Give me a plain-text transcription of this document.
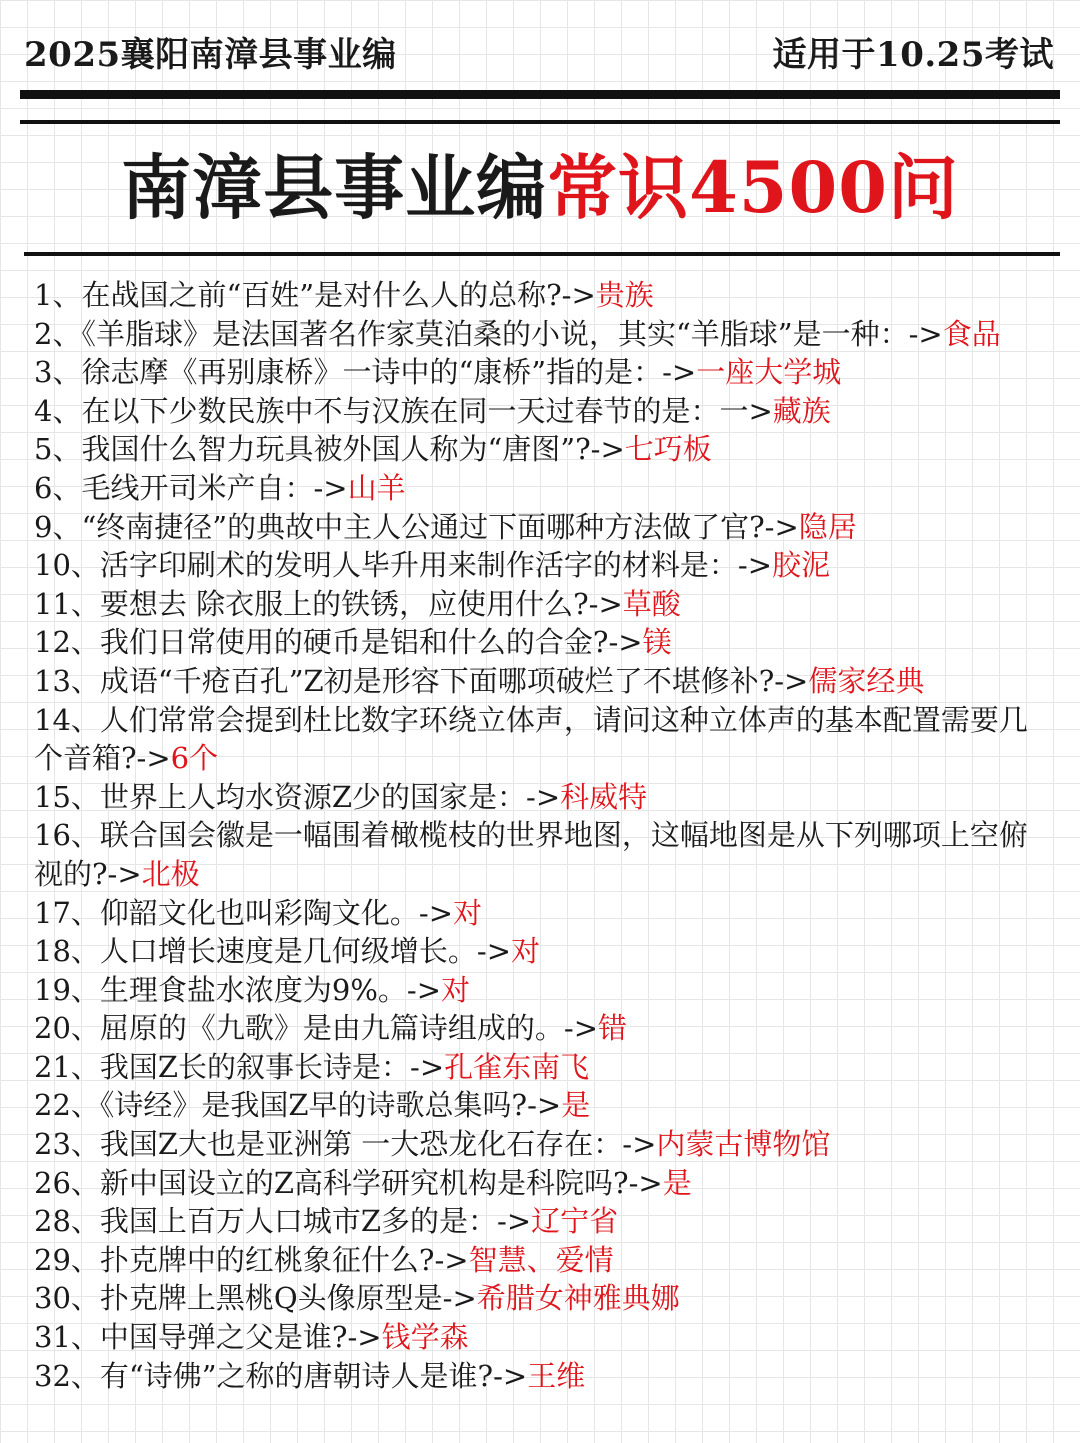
2025襄阳南漳县事业编	适用于10.25考试
南漳县事业编常识4500问

1、在战国之前“百姓”是对什么人的总称?->贵族

2、《羊脂球》是法国著名作家莫泊桑的小说，其实“羊脂球”是一种：->食品

3、徐志摩《再别康桥》一诗中的“康桥”指的是：->一座大学城

4、在以下少数民族中不与汉族在同一天过春节的是：一>藏族

5、我国什么智力玩具被外国人称为“唐图”?->七巧板

6、毛线开司米产自：->山羊

9、“终南捷径”的典故中主人公通过下面哪种方法做了官?->隐居

10、活字印刷术的发明人毕升用来制作活字的材料是：->胶泥

11、要想去 除衣服上的铁锈，应使用什么?->草酸

12、我们日常使用的硬币是铝和什么的合金?->镁

13、成语“千疮百孔”Z初是形容下面哪项破烂了不堪修补?->儒家经典

14、人们常常会提到杜比数字环绕立体声，请问这种立体声的基本配置需要几个音箱?->6个

15、世界上人均水资源Z少的国家是：->科威特

16、联合国会徽是一幅围着橄榄枝的世界地图，这幅地图是从下列哪项上空俯视的?->北极

17、仰韶文化也叫彩陶文化。->对

18、人口增长速度是几何级增长。->对

19、生理食盐水浓度为9%。->对

20、屈原的《九歌》是由九篇诗组成的。->错

21、我国Z长的叙事长诗是：->孔雀东南飞

22、《诗经》是我国Z早的诗歌总集吗?->是

23、我国Z大也是亚洲第 一大恐龙化石存在：->内蒙古博物馆

26、新中国设立的Z高科学研究机构是科院吗?->是

28、我国上百万人口城市Z多的是：->辽宁省

29、扑克牌中的红桃象征什么?->智慧、爱情

30、扑克牌上黑桃Q头像原型是->希腊女神雅典娜

31、中国导弹之父是谁?->钱学森

32、有“诗佛”之称的唐朝诗人是谁?->王维
